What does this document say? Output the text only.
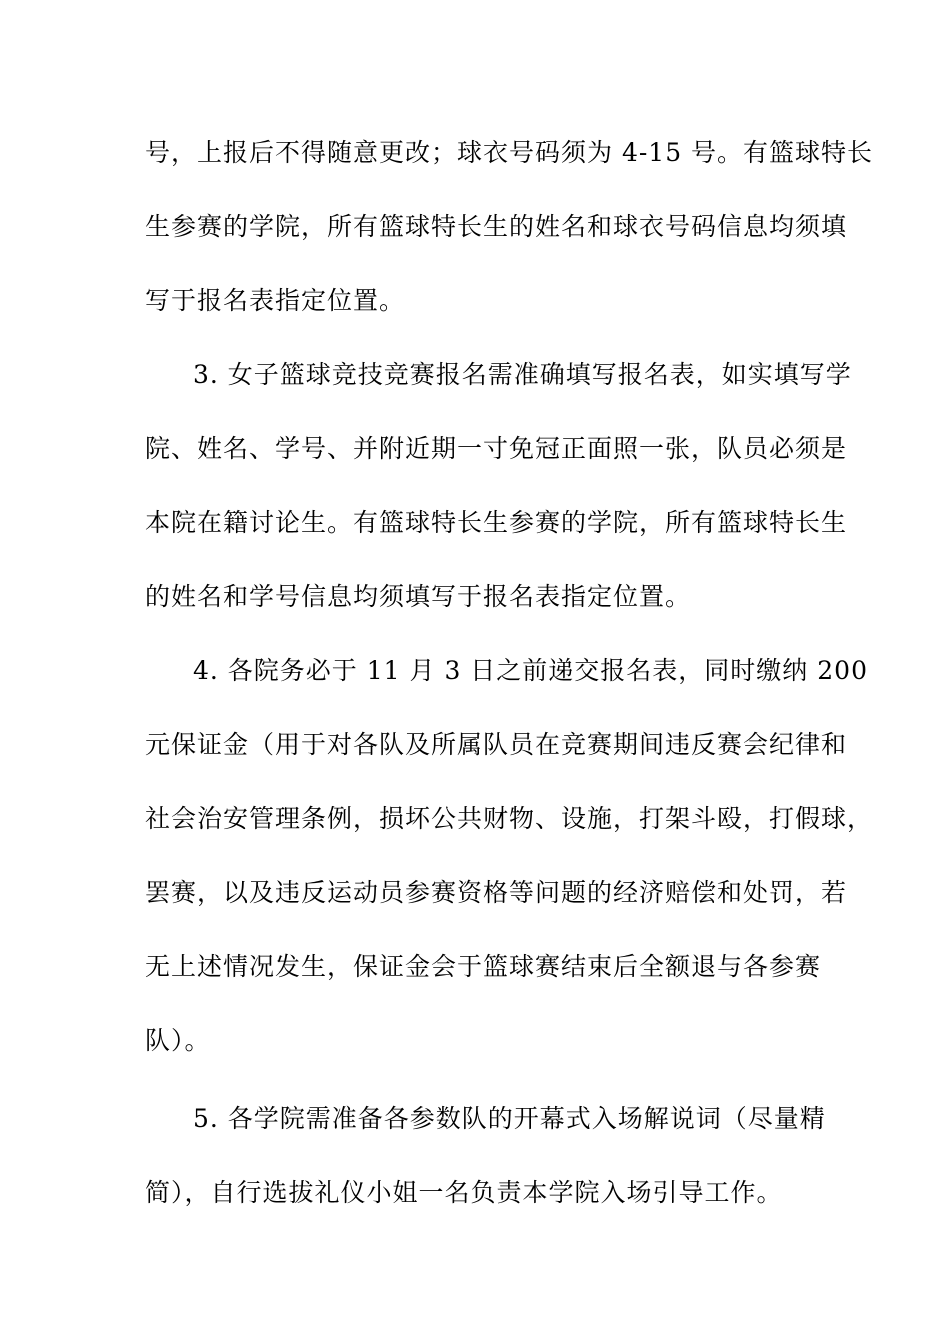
号，上报后不得随意更改；球衣号码须为 4-15 号。有篮球特长
生参赛的学院，所有篮球特长生的姓名和球衣号码信息均须填
写于报名表指定位置。
3. 女子篮球竞技竞赛报名需准确填写报名表，如实填写学
院、姓名、学号、并附近期一寸免冠正面照一张，队员必须是
本院在籍讨论生。有篮球特长生参赛的学院，所有篮球特长生
的姓名和学号信息均须填写于报名表指定位置。
4. 各院务必于 11 月 3 日之前递交报名表，同时缴纳 200
元保证金（用于对各队及所属队员在竞赛期间违反赛会纪律和
社会治安管理条例，损坏公共财物、设施，打架斗殴，打假球，
罢赛，以及违反运动员参赛资格等问题的经济赔偿和处罚，若
无上述情况发生，保证金会于篮球赛结束后全额退与各参赛
队）。
5. 各学院需准备各参数队的开幕式入场解说词（尽量精
简），自行选拔礼仪小姐一名负责本学院入场引导工作。
